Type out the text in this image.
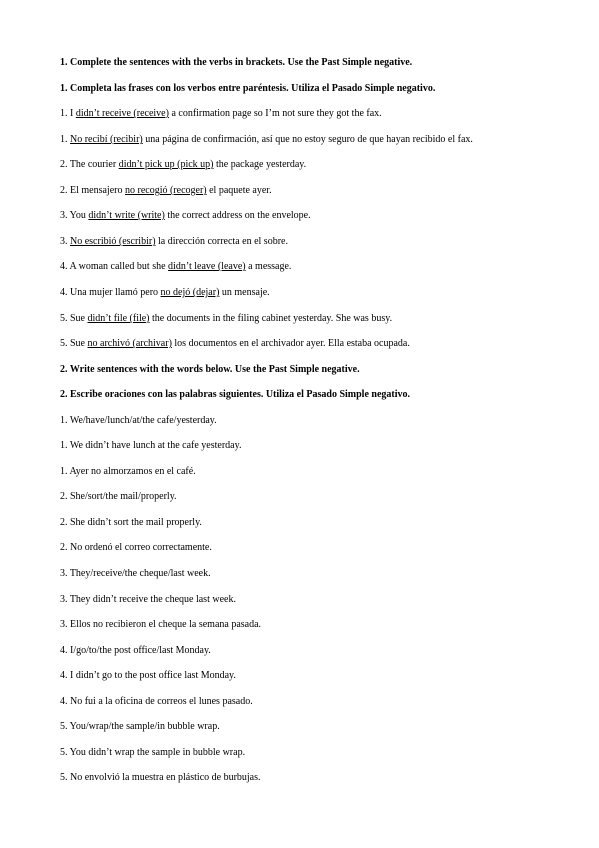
1. Complete the sentences with the verbs in brackets. Use the Past Simple negative.
1. Completa las frases con los verbos entre paréntesis. Utiliza el Pasado Simple negativo.
1. I didn’t receive (receive) a confirmation page so I’m not sure they got the fax.
1. No recibí (recibir) una página de confirmación, así que no estoy seguro de que hayan recibido el fax.
2. The courier didn’t pick up (pick up) the package yesterday.
2. El mensajero no recogió (recoger) el paquete ayer.
3. You didn’t write (write) the correct address on the envelope.
3. No escribió (escribir) la dirección correcta en el sobre.
4. A woman called but she didn’t leave (leave) a message.
4. Una mujer llamó pero no dejó (dejar) un mensaje.
5. Sue didn’t file (file) the documents in the filing cabinet yesterday. She was busy.
5. Sue no archivó (archivar) los documentos en el archivador ayer. Ella estaba ocupada.
2. Write sentences with the words below. Use the Past Simple negative.
2. Escribe oraciones con las palabras siguientes. Utiliza el Pasado Simple negativo.
1. We/have/lunch/at/the cafe/yesterday.
1. We didn’t have lunch at the cafe yesterday.
1. Ayer no almorzamos en el café.
2. She/sort/the mail/properly.
2. She didn’t sort the mail properly.
2. No ordenó el correo correctamente.
3. They/receive/the cheque/last week.
3. They didn’t receive the cheque last week.
3. Ellos no recibieron el cheque la semana pasada.
4. I/go/to/the post office/last Monday.
4. I didn’t go to the post office last Monday.
4. No fui a la oficina de correos el lunes pasado.
5. You/wrap/the sample/in bubble wrap.
5. You didn’t wrap the sample in bubble wrap.
5. No envolvió la muestra en plástico de burbujas.
